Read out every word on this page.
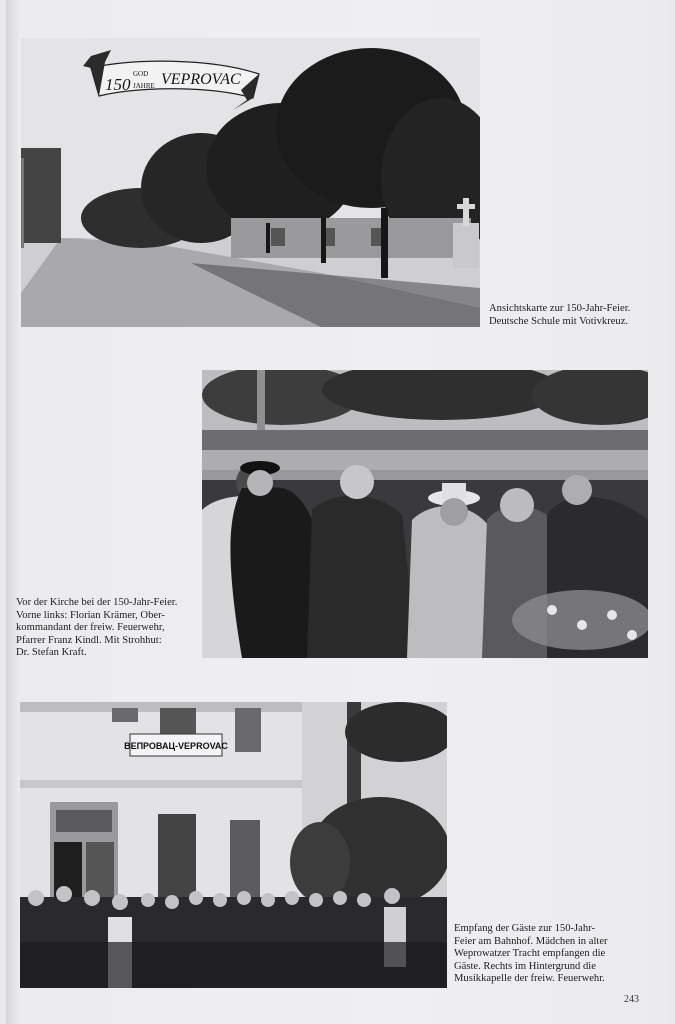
150
GOD
JAHRE VEPROVAC
Ansichtskarte zur 150-Jahr-Feier.
Deutsche Schule mit Votivkreuz.
Vor der Kirche bei der 150-Jahr-Feier.
Vorne links: Florian Krämer, Ober-
kommandant der freiw. Feuerwehr,
Pfarrer Franz Kindl. Mit Strohhut:
Dr. Stefan Kraft.
ВЕПРОВАЦ-VEPROVAC
Empfang der Gäste zur 150-Jahr-
Feier am Bahnhof. Mädchen in alter
Weprowatzer Tracht empfangen die
Gäste. Rechts im Hintergrund die
Musikkapelle der freiw. Feuerwehr.
243
